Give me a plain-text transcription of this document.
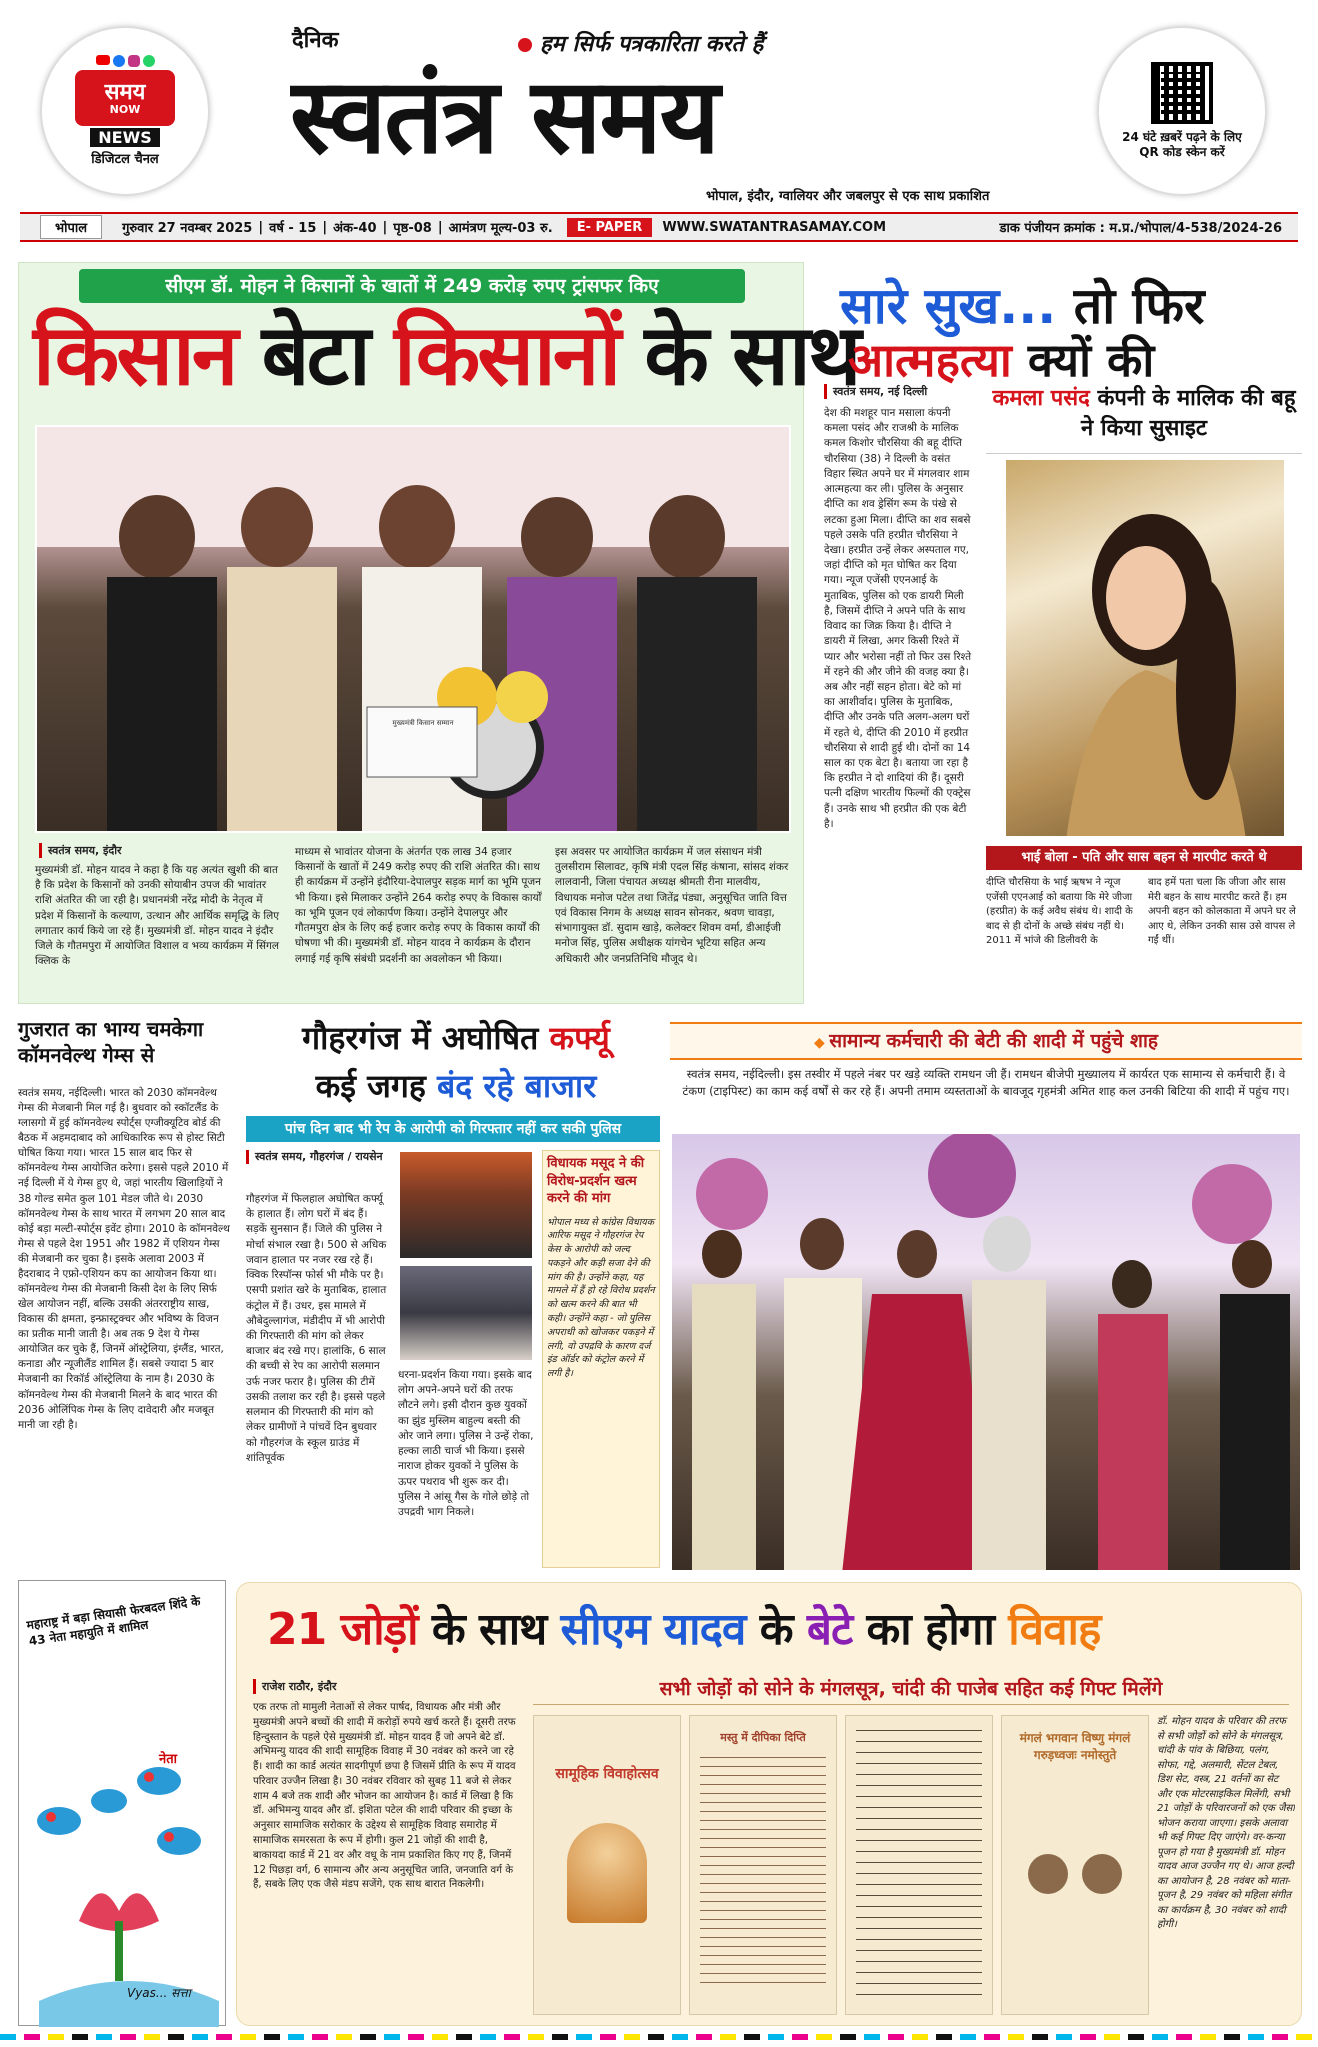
समय
NOW
NEWS
डिजिटल चैनल
दैनिक	हम सिर्फ पत्रकारिता करते हैं
स्वतंत्र समय
भोपाल, इंदौर, ग्वालियर और जबलपुर से एक साथ प्रकाशित
24 घंटे ख़बरें पढ़ने के लिए QR कोड स्केन करें
भोपाल	गुरुवार 27 नवम्बर 2025 | वर्ष - 15 | अंक-40 | पृष्ठ-08 | आमंत्रण मूल्य-03 रु.	E- PAPER	WWW.SWATANTRASAMAY.COM	डाक पंजीयन क्रमांक : म.प्र./भोपाल/4-538/2024-26
सीएम डॉ. मोहन ने किसानों के खातों में 249 करोड़ रुपए ट्रांसफर किए
किसान बेटा किसानों के साथ
मुख्यमंत्री किसान सम्मान
स्वतंत्र समय, इंदौर
मुख्यमंत्री डॉ. मोहन यादव ने कहा है कि यह अत्यंत खुशी की बात है कि प्रदेश के किसानों को उनकी सोयाबीन उपज की भावांतर राशि अंतरित की जा रही है। प्रधानमंत्री नरेंद्र मोदी के नेतृत्व में प्रदेश में किसानों के कल्याण, उत्थान और आर्थिक समृद्धि के लिए लगातार कार्य किये जा रहे हैं। मुख्यमंत्री डॉ. मोहन यादव ने इंदौर जिले के गौतमपुरा में आयोजित विशाल व भव्य कार्यक्रम में सिंगल क्लिक के
माध्यम से भावांतर योजना के अंतर्गत एक लाख 34 हजार किसानों के खातों में 249 करोड़ रुपए की राशि अंतरित की। साथ ही कार्यक्रम में उन्होंने इंदौरिया-देपालपुर सड़क मार्ग का भूमि पूजन भी किया। इसे मिलाकर उन्होंने 264 करोड़ रुपए के विकास कार्यों का भूमि पूजन एवं लोकार्पण किया। उन्होंने देपालपुर और गौतमपुरा क्षेत्र के लिए कई हजार करोड़ रुपए के विकास कार्यों की घोषणा भी की। मुख्यमंत्री डॉ. मोहन यादव ने कार्यक्रम के दौरान लगाई गई कृषि संबंधी प्रदर्शनी का अवलोकन भी किया।
इस अवसर पर आयोजित कार्यक्रम में जल संसाधन मंत्री तुलसीराम सिलावट, कृषि मंत्री एदल सिंह कंषाना, सांसद शंकर लालवानी, जिला पंचायत अध्यक्ष श्रीमती रीना मालवीय, विधायक मनोज पटेल तथा जितेंद्र पंड्या, अनुसूचित जाति वित्त एवं विकास निगम के अध्यक्ष सावन सोनकर, श्रवण चावड़ा, संभागायुक्त डॉ. सुदाम खाड़े, कलेक्टर शिवम वर्मा, डीआईजी मनोज सिंह, पुलिस अधीक्षक यांगचेन भूटिया सहित अन्य अधिकारी और जनप्रतिनिधि मौजूद थे।
सारे सुख... तो फिर
आत्महत्या क्यों की
स्वतंत्र समय, नई दिल्ली
देश की मशहूर पान मसाला कंपनी कमला पसंद और राजश्री के मालिक कमल किशोर चौरसिया की बहू दीप्ति चौरसिया (38) ने दिल्ली के वसंत विहार स्थित अपने घर में मंगलवार शाम आत्महत्या कर ली। पुलिस के अनुसार दीप्ति का शव ड्रेसिंग रूम के पंखे से लटका हुआ मिला। दीप्ति का शव सबसे पहले उसके पति हरप्रीत चौरसिया ने देखा। हरप्रीत उन्हें लेकर अस्पताल गए, जहां दीप्ति को मृत घोषित कर दिया गया। न्यूज एजेंसी एएनआई के मुताबिक, पुलिस को एक डायरी मिली है, जिसमें दीप्ति ने अपने पति के साथ विवाद का जिक्र किया है। दीप्ति ने डायरी में लिखा, अगर किसी रिश्ते में प्यार और भरोसा नहीं तो फिर उस रिश्ते में रहने की और जीने की वजह क्या है। अब और नहीं सहन होता। बेटे को मां का आशीर्वाद। पुलिस के मुताबिक, दीप्ति और उनके पति अलग-अलग घरों में रहते थे, दीप्ति की 2010 में हरप्रीत चौरसिया से शादी हुई थी। दोनों का 14 साल का एक बेटा है। बताया जा रहा है कि हरप्रीत ने दो शादियां की हैं। दूसरी पत्नी दक्षिण भारतीय फिल्मों की एक्ट्रेस हैं। उनके साथ भी हरप्रीत की एक बेटी है।
कमला पसंद कंपनी के मालिक की बहू ने किया सुसाइट
भाई बोला - पति और सास बहन से मारपीट करते थे
दीप्ति चौरसिया के भाई ऋषभ ने न्यूज एजेंसी एएनआई को बताया कि मेरे जीजा (हरप्रीत) के कई अवैध संबंध थे। शादी के बाद से ही दोनों के अच्छे संबंध नहीं थे। 2011 में भांजे की डिलीवरी के
बाद हमें पता चला कि जीजा और सास मेरी बहन के साथ मारपीट करते हैं। हम अपनी बहन को कोलकाता में अपने घर ले आए थे, लेकिन उनकी सास उसे वापस ले गईं थीं।
गुजरात का भाग्य चमकेगा कॉमनवेल्थ गेम्स से
स्वतंत्र समय, नईदिल्ली। भारत को 2030 कॉमनवेल्थ गेम्स की मेजबानी मिल गई है। बुधवार को स्कॉटलैंड के ग्लासगो में हुई कॉमनवेल्थ स्पोर्ट्स एग्जीक्यूटिव बोर्ड की बैठक में अहमदाबाद को आधिकारिक रूप से होस्ट सिटी घोषित किया गया। भारत 15 साल बाद फिर से कॉमनवेल्थ गेम्स आयोजित करेगा। इससे पहले 2010 में नई दिल्ली में ये गेम्स हुए थे, जहां भारतीय खिलाड़ियों ने 38 गोल्ड समेत कुल 101 मेडल जीते थे। 2030 कॉमनवेल्थ गेम्स के साथ भारत में लगभग 20 साल बाद कोई बड़ा मल्टी-स्पोर्ट्स इवेंट होगा। 2010 के कॉमनवेल्थ गेम्स से पहले देश 1951 और 1982 में एशियन गेम्स की मेजबानी कर चुका है। इसके अलावा 2003 में हैदराबाद ने एफ्रो-एशियन कप का आयोजन किया था। कॉमनवेल्थ गेम्स की मेजबानी किसी देश के लिए सिर्फ खेल आयोजन नहीं, बल्कि उसकी अंतरराष्ट्रीय साख, विकास की क्षमता, इन्फ्रास्ट्रक्चर और भविष्य के विजन का प्रतीक मानी जाती है। अब तक 9 देश ये गेम्स आयोजित कर चुके हैं, जिनमें ऑस्ट्रेलिया, इंग्लैंड, भारत, कनाडा और न्यूजीलैंड शामिल हैं। सबसे ज्यादा 5 बार मेजबानी का रिकॉर्ड ऑस्ट्रेलिया के नाम है। 2030 के कॉमनवेल्थ गेम्स की मेजबानी मिलने के बाद भारत की 2036 ओलिंपिक गेम्स के लिए दावेदारी और मजबूत मानी जा रही है।
महाराष्ट्र में बड़ा सियासी फेरबदल शिंदे के 43 नेता महायुति में शामिल
नेता
Vyas... सत्ता
गौहरगंज में अघोषित कर्फ्यू
कई जगह बंद रहे बाजार
पांच दिन बाद भी रेप के आरोपी को गिरफ्तार नहीं कर सकी पुलिस
स्वतंत्र समय, गौहरगंज / रायसेन
गौहरगंज में फिलहाल अघोषित कर्फ्यू के हालात हैं। लोग घरों में बंद हैं। सड़कें सुनसान हैं। जिले की पुलिस ने मोर्चा संभाल रखा है। 500 से अधिक जवान हालात पर नजर रख रहे हैं। क्विक रिस्पॉन्स फोर्स भी मौके पर है। एसपी प्रशांत खरे के मुताबिक, हालात कंट्रोल में हैं। उधर, इस मामले में औबेदुल्लागंज, मंडीदीप में भी आरोपी की गिरफ्तारी की मांग को लेकर बाजार बंद रखे गए। हालांकि, 6 साल की बच्ची से रेप का आरोपी सलमान उर्फ नजर फरार है। पुलिस की टीमें उसकी तलाश कर रही है। इससे पहले सलमान की गिरफ्तारी की मांग को लेकर ग्रामीणों ने पांचवें दिन बुधवार को गौहरगंज के स्कूल ग्राउंड में शांतिपूर्वक
धरना-प्रदर्शन किया गया। इसके बाद लोग अपने-अपने घरों की तरफ लौटने लगे। इसी दौरान कुछ युवकों का झुंड मुस्लिम बाहुल्य बस्ती की ओर जाने लगा। पुलिस ने उन्हें रोका, हल्का लाठी चार्ज भी किया। इससे नाराज होकर युवकों ने पुलिस के ऊपर पथराव भी शुरू कर दी। पुलिस ने आंसू गैस के गोले छोड़े तो उपद्रवी भाग निकले।
विधायक मसूद ने की विरोध-प्रदर्शन खत्म करने की मांग
भोपाल मध्य से कांग्रेस विधायक आरिफ मसूद ने गौहरगंज रेप केस के आरोपी को जल्द पकड़ने और कड़ी सजा देने की मांग की है। उन्होंने कहा, यह मामले में हैं हो रहे विरोध प्रदर्शन को खत्म करने की बात भी कही। उन्होंने कहा - जो पुलिस अपराधी को खोजकर पकड़ने में लगी, वो उपद्रवि के कारण दर्ज इंड ऑर्डर को कंट्रोल करने में लगी है।
◆ सामान्य कर्मचारी की बेटी की शादी में पहुंचे शाह
स्वतंत्र समय, नईदिल्ली। इस तस्वीर में पहले नंबर पर खड़े व्यक्ति रामधन जी हैं। रामधन बीजेपी मुख्यालय में कार्यरत एक सामान्य से कर्मचारी हैं। वे टंकण (टाइपिस्ट) का काम कई वर्षों से कर रहे हैं। अपनी तमाम व्यस्तताओं के बावजूद गृहमंत्री अमित शाह कल उनकी बिटिया की शादी में पहुंच गए।
21 जोड़ों के साथ सीएम यादव के बेटे का होगा विवाह
राजेश राठौर, इंदौर
एक तरफ तो मामुली नेताओं से लेकर पार्षद, विधायक और मंत्री और मुख्यमंत्री अपने बच्चों की शादी में करोड़ों रुपये खर्च करते हैं। दूसरी तरफ हिन्दुस्तान के पहले ऐसे मुख्यमंत्री डॉ. मोहन यादव हैं जो अपने बेटे डॉ. अभिमन्यु यादव की शादी सामूहिक विवाह में 30 नवंबर को करने जा रहे हैं। शादी का कार्ड अत्यंत सादगीपूर्ण छपा है जिसमें प्रीति के रूप में यादव परिवार उज्जैन लिखा है। 30 नवंबर रविवार को सुबह 11 बजे से लेकर शाम 4 बजे तक शादी और भोजन का आयोजन है। कार्ड में लिखा है कि डॉ. अभिमन्यु यादव और डॉ. इशिता पटेल की शादी परिवार की इच्छा के अनुसार सामाजिक सरोकार के उद्देश्य से सामूहिक विवाह समारोह में सामाजिक समरसता के रूप में होगी। कुल 21 जोड़ों की शादी है, बाकायदा कार्ड में 21 वर और वधू के नाम प्रकाशित किए गए हैं, जिनमें 12 पिछड़ा वर्ग, 6 सामान्य और अन्य अनुसूचित जाति, जनजाति वर्ग के हैं, सबके लिए एक जैसे मंडप सजेंगे, एक साथ बारात निकलेगी।
सभी जोड़ों को सोने के मंगलसूत्र, चांदी की पाजेब सहित कई गिफ्ट मिलेंगे
सामूहिक विवाहोत्सव
मस्तु में दीपिका दिप्ति	मंगलं भगवान विष्णु मंगलं गरुड़ध्वजः नमोस्तुते
डॉ. मोहन यादव के परिवार की तरफ से सभी जोड़ों को सोने के मंगलसूत्र, चांदी के पांव के बिछिया, पलंग, सोफा, गद्दे, अलमारी, सेंटल टेबल, डिश सेट, वस्त्र, 21 वर्तनों का सेट और एक मोटरसाइकिल मिलेंगी, सभी 21 जोड़ों के परिवारजनों को एक जैसा भोजन कराया जाएगा। इसके अलावा भी कई गिफ्ट दिए जाएंगे। वर-कन्या पूजन हो गया है मुख्यमंत्री डॉ. मोहन यादव आज उज्जैन गए थे। आज हल्दी का आयोजन है, 28 नवंबर को माता-पूजन है, 29 नवंबर को महिला संगीत का कार्यक्रम है, 30 नवंबर को शादी होगी।
